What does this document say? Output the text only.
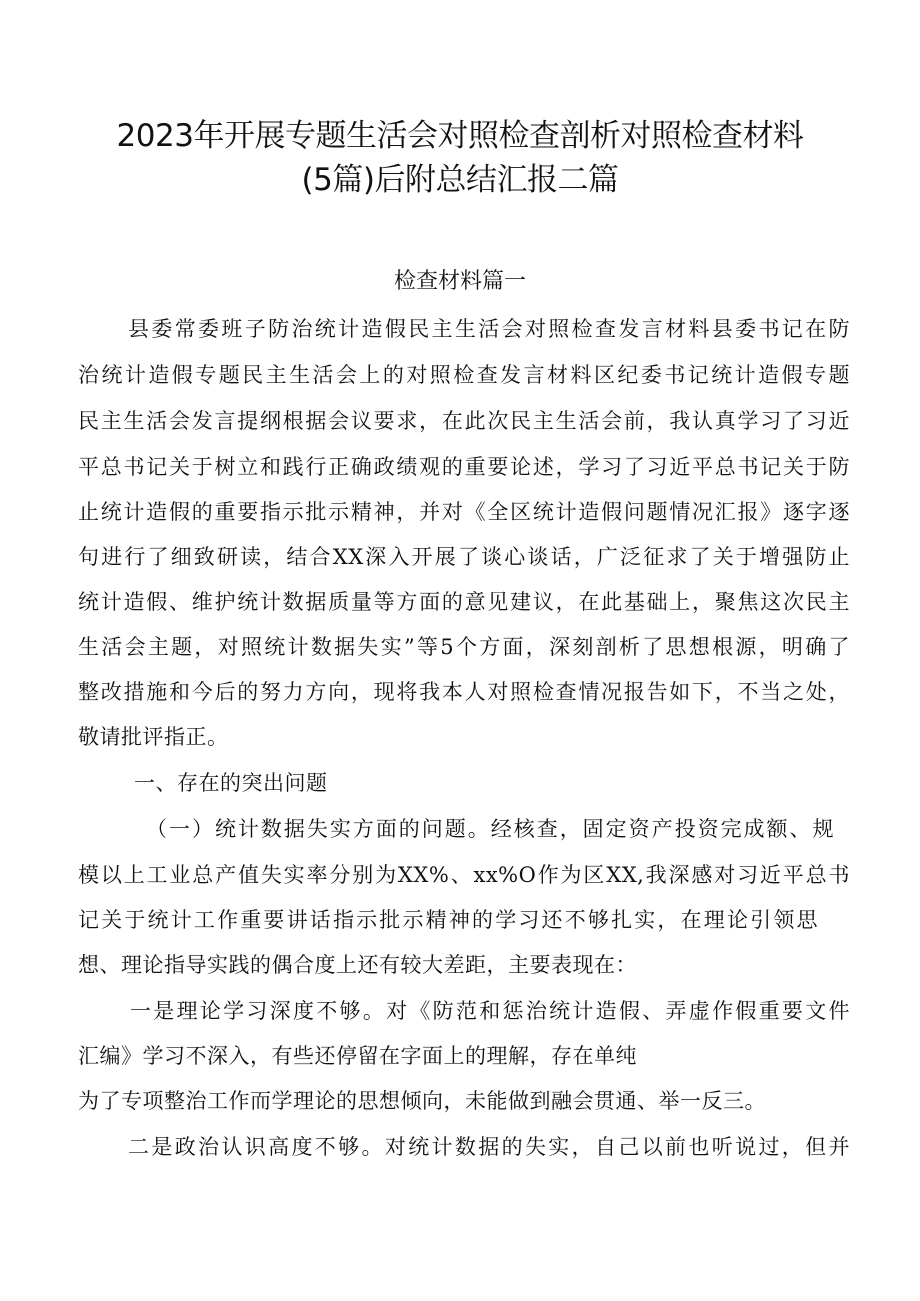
2023年开展专题生活会对照检查剖析对照检查材料
(5篇)后附总结汇报二篇
检查材料篇一
县委常委班子防治统计造假民主生活会对照检查发言材料县委书记在防
治统计造假专题民主生活会上的对照检查发言材料区纪委书记统计造假专题
民主生活会发言提纲根据会议要求，在此次民主生活会前，我认真学习了习近
平总书记关于树立和践行正确政绩观的重要论述，学习了习近平总书记关于防
止统计造假的重要指示批示精神，并对《全区统计造假问题情况汇报》逐字逐
句进行了细致研读，结合XX深入开展了谈心谈话，广泛征求了关于增强防止
统计造假、维护统计数据质量等方面的意见建议，在此基础上，聚焦这次民主
生活会主题，对照统计数据失实”等5个方面，深刻剖析了思想根源，明确了
整改措施和今后的努力方向，现将我本人对照检查情况报告如下，不当之处，
敬请批评指正。
一、存在的突出问题
（一）统计数据失实方面的问题。经核查，固定资产投资完成额、规
模以上工业总产值失实率分别为XX%、xx%O作为区XX,我深感对习近平总书
记关于统计工作重要讲话指示批示精神的学习还不够扎实，在理论引领思
想、理论指导实践的偶合度上还有较大差距，主要表现在：
一是理论学习深度不够。对《防范和惩治统计造假、弄虚作假重要文件
汇编》学习不深入，有些还停留在字面上的理解，存在单纯
为了专项整治工作而学理论的思想倾向，未能做到融会贯通、举一反三。
二是政治认识高度不够。对统计数据的失实，自己以前也听说过，但并
